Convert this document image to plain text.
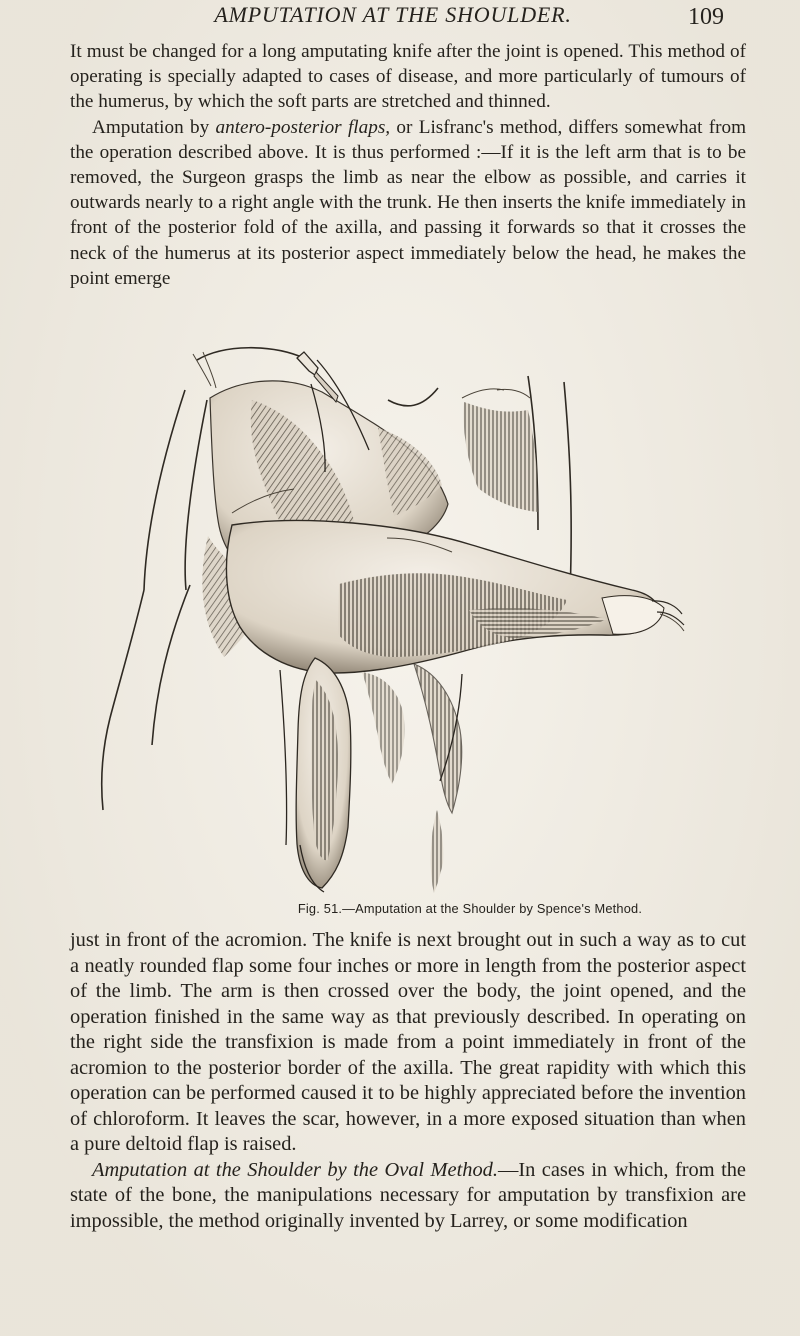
AMPUTATION AT THE SHOULDER.	109

It must be changed for a long amputating knife after the joint is opened. This method of operating is specially adapted to cases of disease, and more particularly of tumours of the humerus, by which the soft parts are stretched and thinned.

Amputation by antero-posterior flaps, or Lisfranc's method, differs somewhat from the operation described above. It is thus performed :—If it is the left arm that is to be removed, the Surgeon grasps the limb as near the elbow as possible, and carries it outwards nearly to a right angle with the trunk. He then inserts the knife immediately in front of the posterior fold of the axilla, and passing it forwards so that it crosses the neck of the humerus at its posterior aspect immediately below the head, he makes the point emerge

Fig. 51.—Amputation at the Shoulder by Spence's Method.

just in front of the acromion. The knife is next brought out in such a way as to cut a neatly rounded flap some four inches or more in length from the posterior aspect of the limb. The arm is then crossed over the body, the joint opened, and the operation finished in the same way as that previously described. In operating on the right side the transfixion is made from a point immediately in front of the acromion to the posterior border of the axilla. The great rapidity with which this operation can be performed caused it to be highly appreciated before the invention of chloroform. It leaves the scar, however, in a more exposed situation than when a pure deltoid flap is raised.

Amputation at the Shoulder by the Oval Method.—In cases in which, from the state of the bone, the manipulations necessary for amputation by transfixion are impossible, the method originally invented by Larrey, or some modification
